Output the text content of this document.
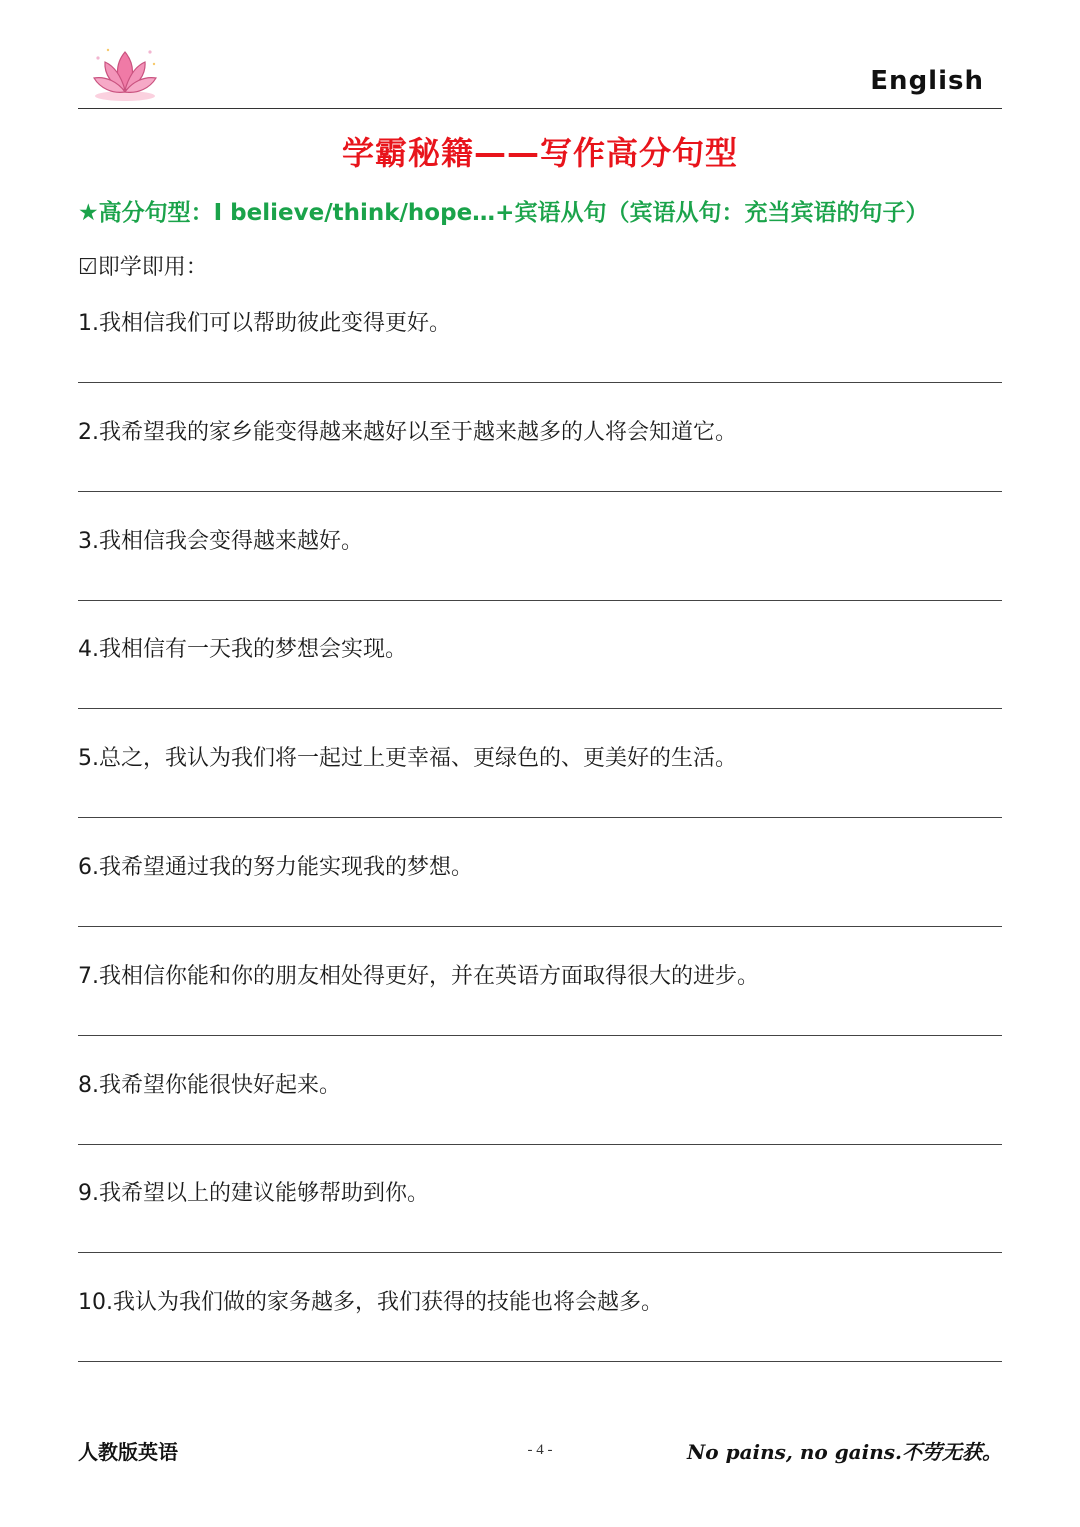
English
学霸秘籍——写作高分句型
★高分句型：I believe/think/hope…+宾语从句（宾语从句：充当宾语的句子）
☑即学即用：
1.我相信我们可以帮助彼此变得更好。
2.我希望我的家乡能变得越来越好以至于越来越多的人将会知道它。
3.我相信我会变得越来越好。
4.我相信有一天我的梦想会实现。
5.总之，我认为我们将一起过上更幸福、更绿色的、更美好的生活。
6.我希望通过我的努力能实现我的梦想。
7.我相信你能和你的朋友相处得更好，并在英语方面取得很大的进步。
8.我希望你能很快好起来。
9.我希望以上的建议能够帮助到你。
10.我认为我们做的家务越多，我们获得的技能也将会越多。
人教版英语	- 4 -	No pains, no gains.不劳无获。
